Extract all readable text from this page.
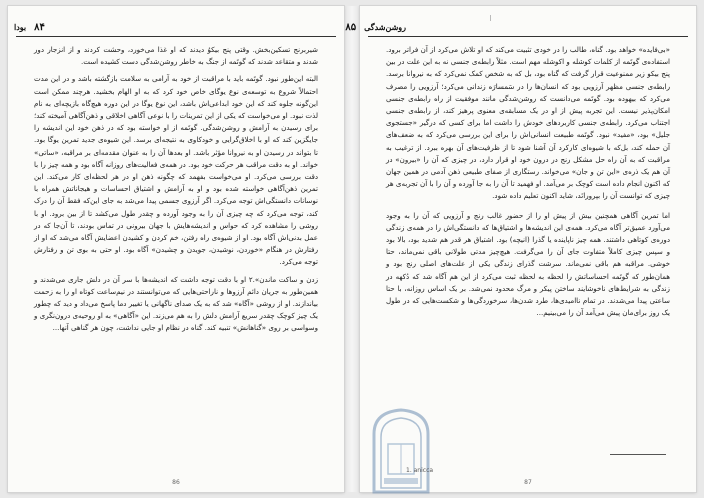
۸۴
بودا

شیربرنج تسکین‌بخش. وقتی پنج بیکوُ دیدند که او غذا می‌خورد، وحشت کردند و از انزجار دور شدند و متقاعد شدند که گوتَمه از جنگ به خاطر روشن‌شدگی دست کشیده است.

البته این‌طور نبود. گوتَمه باید با مراقبت از خود به آرامی به سلامت بازگشته باشد و در این مدت احتمالاً شروع به توسعه‌ی نوع یوگای خاص خود کرد که به او الهام بخشید. هرچند ممکن است این‌گونه جلوه کند که این خود ابداعی‌اش باشد، این نوع یوگا در این دوره هیچ‌گاه بازیچه‌ای به نام لذت نبود. او می‌خواست که یکی از این تمرینات را با نوعی آگاهی اخلاقی و ذهن‌آگاهی آمیخته کند؛ برای رسیدن به آرامش و روشن‌شدگی. گوتَمه از او خواسته بود که در ذهن خود این اندیشه را جایگزین کند که او با اخلاق‌گرایی و خودکاوی به نتیجه‌ای برسد. این شیوه‌ی جدید تمرین یوگا بود. تا بتواند در رسیدن او به نیروانا مؤثر باشد. او بعدها آن را به عنوان مقدمه‌ای بر مراقبه، «ساتی» خواند. او به دقت مراقب هر حرکت خود بود. در همه‌ی فعالیت‌های روزانه آگاه بود و همه چیز را با دقت بررسی می‌کرد. او می‌خواست بفهمد که چگونه ذهن او در هر لحظه‌ای کار می‌کند. این تمرین ذهن‌آگاهی خواسته شده بود و او به آرامش و اشتیاق احساسات و هیجاناتش همراه با نوسانات دانستگی‌اش توجه می‌کرد. اگر آرزوی جسمی پیدا می‌شد به جای این‌که فقط آن را درک کند، توجه می‌کرد که چه چیزی آن را به وجود آورده و چقدر طول می‌کشد تا از بین برود. او با روشی را مشاهده کرد که حواس و اندیشه‌هایش با جهان بیرونی در تماس بودند، تا آن‌جا که در عمل بدنی‌اش آگاه بود. او از شیوه‌ی راه رفتن، خم کردن و کشیدن اعضایش آگاه می‌شد که او از رفتارش در هنگام «خوردن، نوشیدن، جویدن و چشیدن» آگاه بود. او حتی به بوی تن و رفتارش توجه می‌کرد.

زدن و ساکت ماندن».۲ او با دقت توجه داشت که اندیشه‌ها با سر آن در دلش جاری می‌شدند و همین‌طور به جریان دائم آرزوها و ناراحتی‌هایی که می‌توانستند در نیم‌ساعت کوتاه او را به زحمت بیاندازند. او از روشی «آگاه» شد که به یک صدای ناگهانی یا تغییر دما پاسخ می‌داد و دید که چطور یک چیز کوچک چقدر سریع آرامش دلش را به هم می‌زند. این «آگاهی» به او روحیه‌ی درون‌نگری و وسواسی بر روی «گناهانش» تنبیه کند. گناه در نظام او جایی نداشت، چون هر گناهی آنها...

86
روشن‌شدگی
۸۵

«بی‌فایده» خواهد بود. گناه، طالب را در خودی تثبیت می‌کند که او تلاش می‌کرد از آن فراتر برود. استفاده‌ی گوتَمه از کلمات کوشله و اکوشله مهم است. مثلاً رابطه‌ی جنسی نه به این علت در بین پنج بیکو زیر ممنوعیت قرار گرفت که گناه بود، بل که به شخص کمک نمی‌کرد که به نیروانا برسد. رابطه‌ی جنسی مظهر آرزویی بود که انسان‌ها را در سَمسارَه زندانی می‌کرد؛ آرزویی را مصرف می‌کرد که بیهوده بود. گوتَمه می‌دانست که روشن‌شدگی مانند موفقیت از راه رابطه‌ی جنسی امکان‌پذیر نیست. این تجربه پیش از او در یک مسابقه‌ی معنوی پرهیز کند، از رابطه‌ی جنسی اجتناب می‌کرد. رابطه‌ی جنسی کاربردهای خودش را داشت اما برای کسی که درگیر «جستجوی جلیل» بود، «مفید» نبود. گوتَمه طبیعت انسانی‌اش را برای این بررسی می‌کرد که به ضعف‌های آن حمله کند، بل‌که با شیوه‌ای کارکرد آن آشنا شود تا از ظرفیت‌های آن بهره ببرد. از ترغیب به مراقبت که به آن راه حل مشکل رنج در درون خود او قرار دارد، در چیزی که آن را «بیرون» در آن هم یک ذره‌ی «این تن و جان» می‌خواند. رستگاری از صفای طبیعی ذهن آدمی در همین جهان که اکنون انجام داده است کوچک بر می‌آمد. او فهمید تا آن را به جا آورده و آن را با آن تجربه‌ی هر چیزی که توانست آن را بپرورانَد، شاید اکنون تعلیم داده شود.

اما تمرین آگاهی همچنین بیش از پیش او را از حضور غالب رنج و آرزویی که آن را به وجود می‌آورد عمیق‌تر آگاه می‌کرد. همه‌ی این اندیشه‌ها و اشتیاق‌ها که دانستگی‌اش را در همه‌ی زندگی دوره‌ی کوتاهی داشتند. همه چیز ناپاینده یا گذرا (انیچه) بود. اشتیاق هر قدر هم شدید بود، بالا بود و سپس چیزی کاملاً متفاوت جای آن را می‌گرفت. هیچ‌چیز مدتی طولانی باقی نمی‌ماند، حتا خوشی. مراقبه هم باقی نمی‌ماند. سرشت گذرای زندگی یکی از علت‌های اصلی رنج بود و همان‌طور که گوتَمه احساساتش را لحظه به لحظه ثبت می‌کرد از این هم آگاه شد که دُکهه در زندگی به شرایط‌های ناخوشایند ساختن پیکر و مرگ محدود نمی‌شد. بر یک اساس روزانه، با حتا ساعتی پیدا می‌شدند. در تمام ناامیدی‌ها، طرد شدن‌ها، سرخوردگی‌ها و شکست‌هایی که در طول یک روز برای‌مان پیش می‌آمد آن را می‌بینیم...

1. anicca
87
